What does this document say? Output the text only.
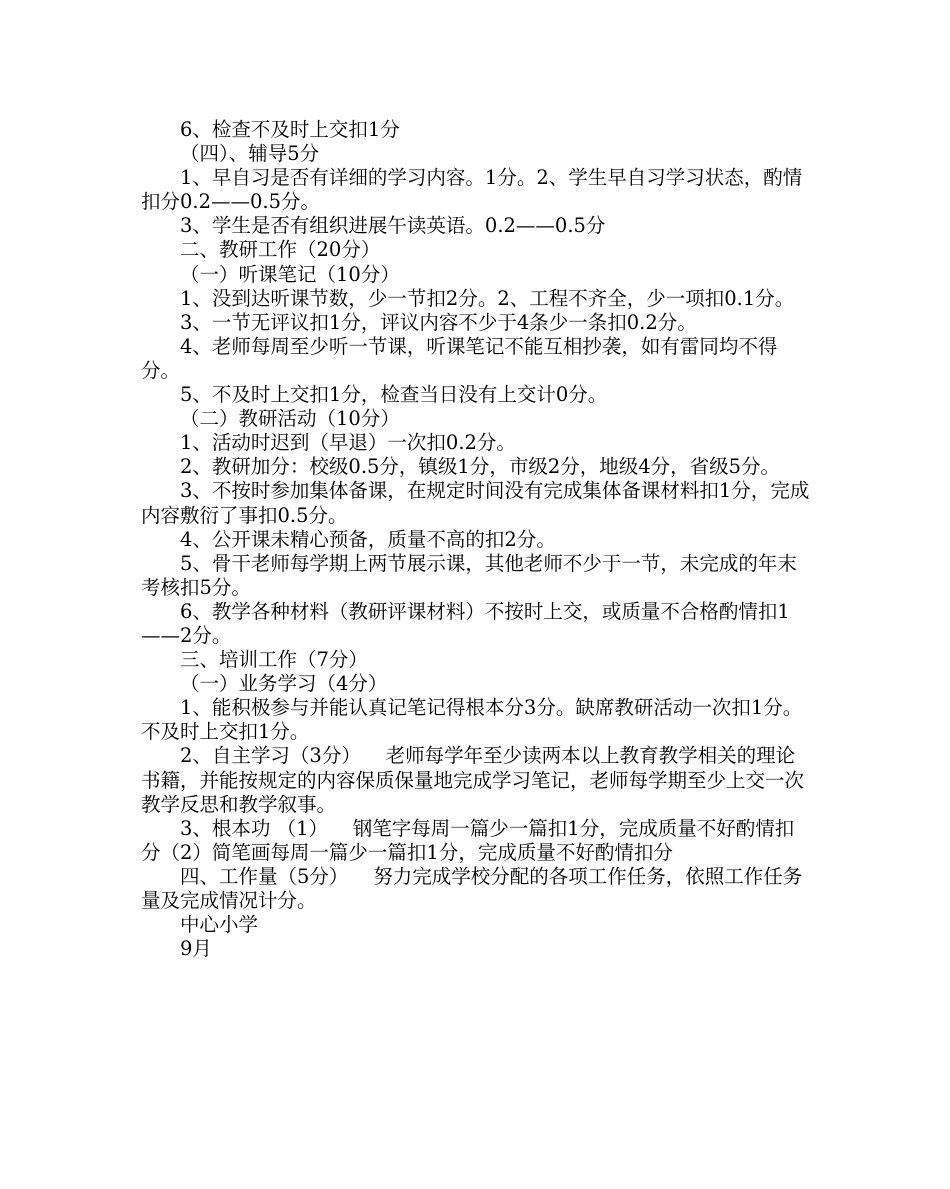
6、检查不及时上交扣1分

（四）、辅导5分

1、早自习是否有详细的学习内容。1分。2、学生早自习学习状态，酌情扣分0.2——0.5分。

3、学生是否有组织进展午读英语。0.2——0.5分

二、教研工作（20分）

（一）听课笔记（10分）

1、没到达听课节数，少一节扣2分。2、工程不齐全，少一项扣0.1分。

3、一节无评议扣1分，评议内容不少于4条少一条扣0.2分。

4、老师每周至少听一节课，听课笔记不能互相抄袭，如有雷同均不得分。

5、不及时上交扣1分，检查当日没有上交计0分。

（二）教研活动（10分）

1、活动时迟到（早退）一次扣0.2分。

2、教研加分：校级0.5分，镇级1分，市级2分，地级4分，省级5分。

3、不按时参加集体备课，在规定时间没有完成集体备课材料扣1分，完成内容敷衍了事扣0.5分。

4、公开课未精心预备，质量不高的扣2分。

5、骨干老师每学期上两节展示课，其他老师不少于一节，未完成的年末考核扣5分。

6、教学各种材料（教研评课材料）不按时上交，或质量不合格酌情扣1——2分。

三、培训工作（7分）

（一）业务学习（4分）

1、能积极参与并能认真记笔记得根本分3分。缺席教研活动一次扣1分。不及时上交扣1分。

2、自主学习（3分）    老师每学年至少读两本以上教育教学相关的理论书籍，并能按规定的内容保质保量地完成学习笔记，老师每学期至少上交一次教学反思和教学叙事。

3、根本功 （1）    钢笔字每周一篇少一篇扣1分，完成质量不好酌情扣分（2）简笔画每周一篇少一篇扣1分，完成质量不好酌情扣分

四、工作量（5分）    努力完成学校分配的各项工作任务，依照工作任务量及完成情况计分。

中心小学

9月
